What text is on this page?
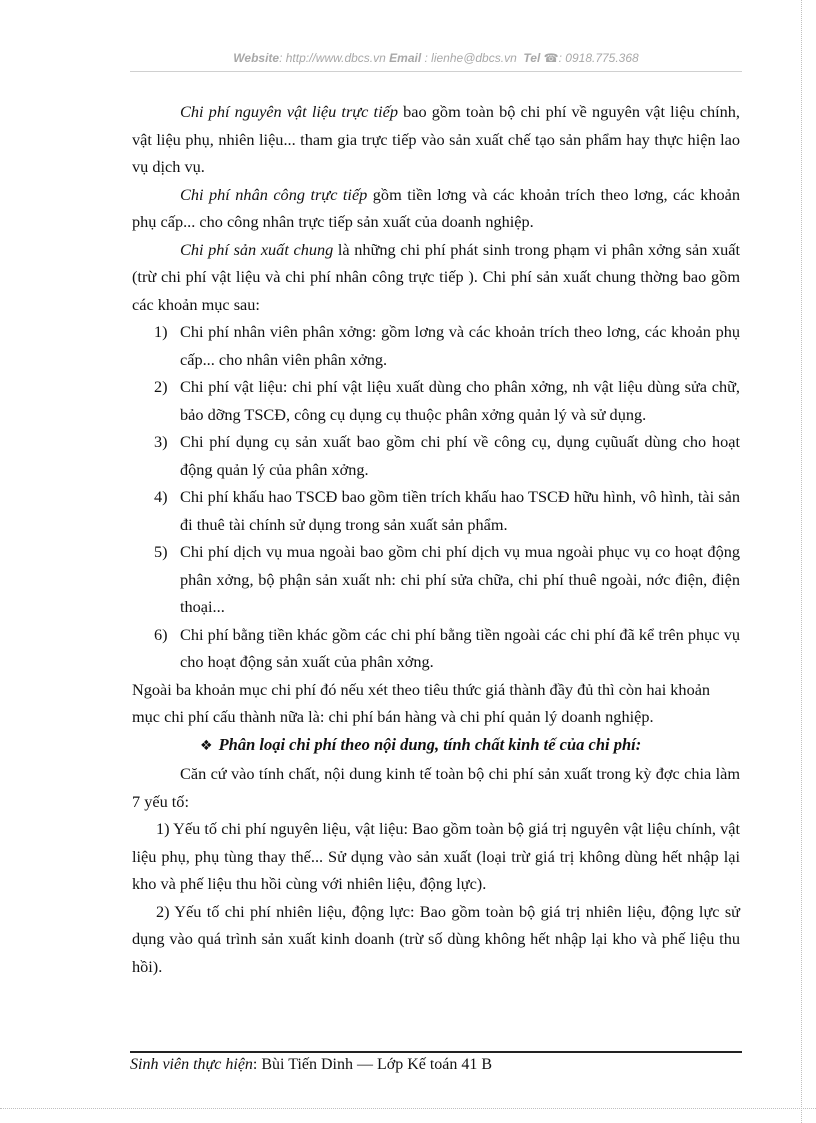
Website: http://www.dbcs.vn Email : lienhe@dbcs.vn Tel ☎: 0918.775.368

Chi phí nguyên vật liệu trực tiếp bao gồm toàn bộ chi phí về nguyên vật liệu chính, vật liệu phụ, nhiên liệu... tham gia trực tiếp vào sản xuất chế tạo sản phẩm hay thực hiện lao vụ dịch vụ.

Chi phí nhân công trực tiếp gồm tiền lơng và các khoản trích theo lơng, các khoản phụ cấp... cho công nhân trực tiếp sản xuất của doanh nghiệp.

Chi phí sản xuất chung là những chi phí phát sinh trong phạm vi phân xởng sản xuất (trừ chi phí vật liệu và chi phí nhân công trực tiếp ). Chi phí sản xuất chung thờng bao gồm các khoản mục sau:

1) Chi phí nhân viên phân xởng: gồm lơng và các khoản trích theo lơng, các khoản phụ cấp... cho nhân viên phân xởng.
2) Chi phí vật liệu: chi phí vật liệu xuất dùng cho phân xởng, nh vật liệu dùng sửa chữ, bảo dỡng TSCĐ, công cụ dụng cụ thuộc phân xởng quản lý và sử dụng.
3) Chi phí dụng cụ sản xuất bao gồm chi phí về công cụ, dụng cụũuất dùng cho hoạt động quản lý của phân xởng.
4) Chi phí khấu hao TSCĐ bao gồm tiền trích khấu hao TSCĐ hữu hình, vô hình, tài sản đi thuê tài chính sử dụng trong sản xuất sản phẩm.
5) Chi phí dịch vụ mua ngoài bao gồm chi phí dịch vụ mua ngoài phục vụ co hoạt động phân xởng, bộ phận sản xuất nh: chi phí sửa chữa, chi phí thuê ngoài, nớc điện, điện thoại...
6) Chi phí bằng tiền khác gồm các chi phí bằng tiền ngoài các chi phí đã kể trên phục vụ cho hoạt động sản xuất của phân xởng.

Ngoài ba khoản mục chi phí đó nếu xét theo tiêu thức giá thành đầy đủ thì còn hai khoản mục chi phí cấu thành nữa là: chi phí bán hàng và chi phí quản lý doanh nghiệp.

❖ Phân loại chi phí theo nội dung, tính chất kinh tế của chi phí:

Căn cứ vào tính chất, nội dung kinh tế toàn bộ chi phí sản xuất trong kỳ đợc chia làm 7 yếu tố:

1) Yếu tố chi phí nguyên liệu, vật liệu: Bao gồm toàn bộ giá trị nguyên vật liệu chính, vật liệu phụ, phụ tùng thay thế... Sử dụng vào sản xuất (loại trừ giá trị không dùng hết nhập lại kho và phế liệu thu hồi cùng với nhiên liệu, động lực).

2) Yếu tố chi phí nhiên liệu, động lực: Bao gồm toàn bộ giá trị nhiên liệu, động lực sử dụng vào quá trình sản xuất kinh doanh (trừ số dùng không hết nhập lại kho và phế liệu thu hồi).

Sinh viên thực hiện: Bùi Tiến Dinh — Lớp Kế toán 41 B
